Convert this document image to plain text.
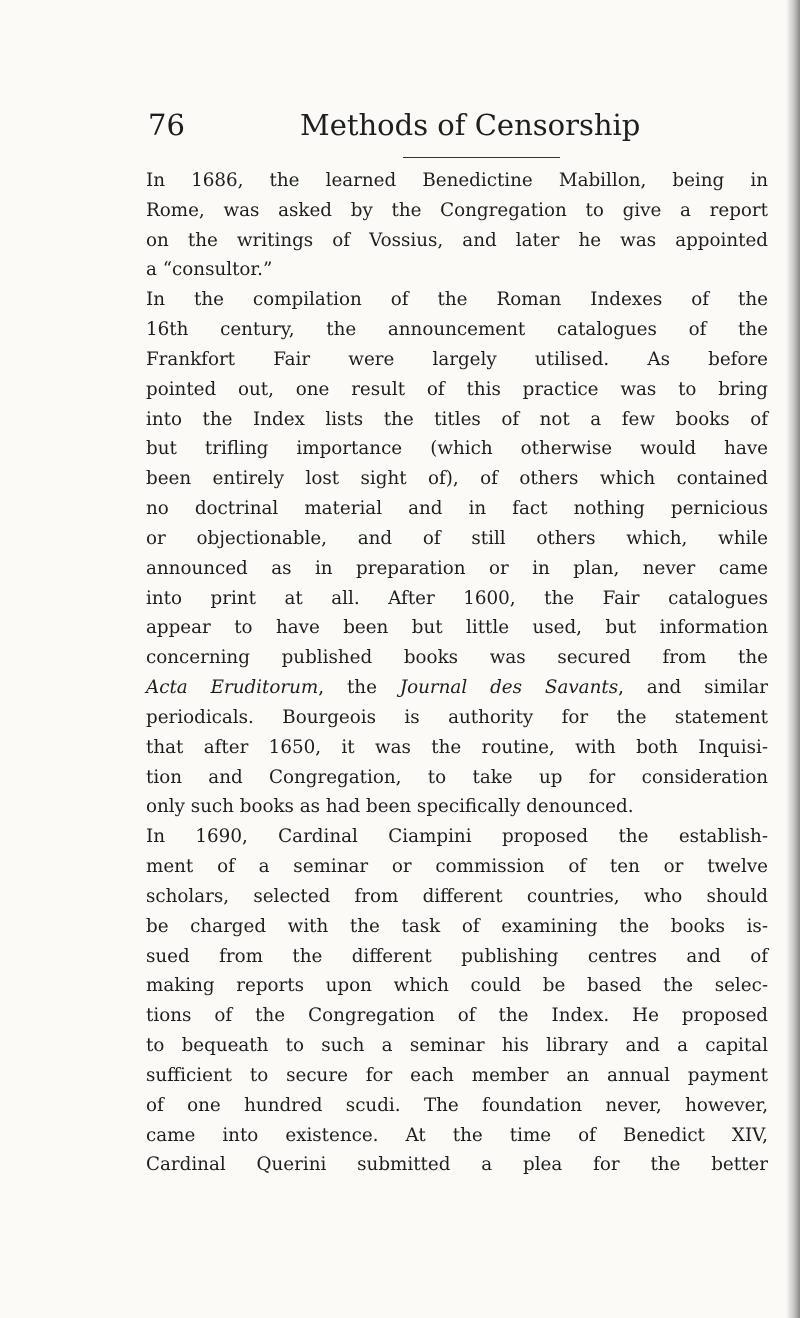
76	Methods of Censorship
In 1686, the learned Benedictine Mabillon, being in
Rome, was asked by the Congregation to give a report
on the writings of Vossius, and later he was appointed
a “consultor.”
In the compilation of the Roman Indexes of the
16th century, the announcement catalogues of the
Frankfort Fair were largely utilised. As before
pointed out, one result of this practice was to bring
into the Index lists the titles of not a few books of
but trifling importance (which otherwise would have
been entirely lost sight of), of others which contained
no doctrinal material and in fact nothing pernicious
or objectionable, and of still others which, while
announced as in preparation or in plan, never came
into print at all. After 1600, the Fair catalogues
appear to have been but little used, but information
concerning published books was secured from the
Acta Eruditorum, the Journal des Savants, and similar
periodicals. Bourgeois is authority for the statement
that after 1650, it was the routine, with both Inquisi-
tion and Congregation, to take up for consideration
only such books as had been specifically denounced.
In 1690, Cardinal Ciampini proposed the establish-
ment of a seminar or commission of ten or twelve
scholars, selected from different countries, who should
be charged with the task of examining the books is-
sued from the different publishing centres and of
making reports upon which could be based the selec-
tions of the Congregation of the Index. He proposed
to bequeath to such a seminar his library and a capital
sufficient to secure for each member an annual payment
of one hundred scudi. The foundation never, however,
came into existence. At the time of Benedict XIV,
Cardinal Querini submitted a plea for the better
